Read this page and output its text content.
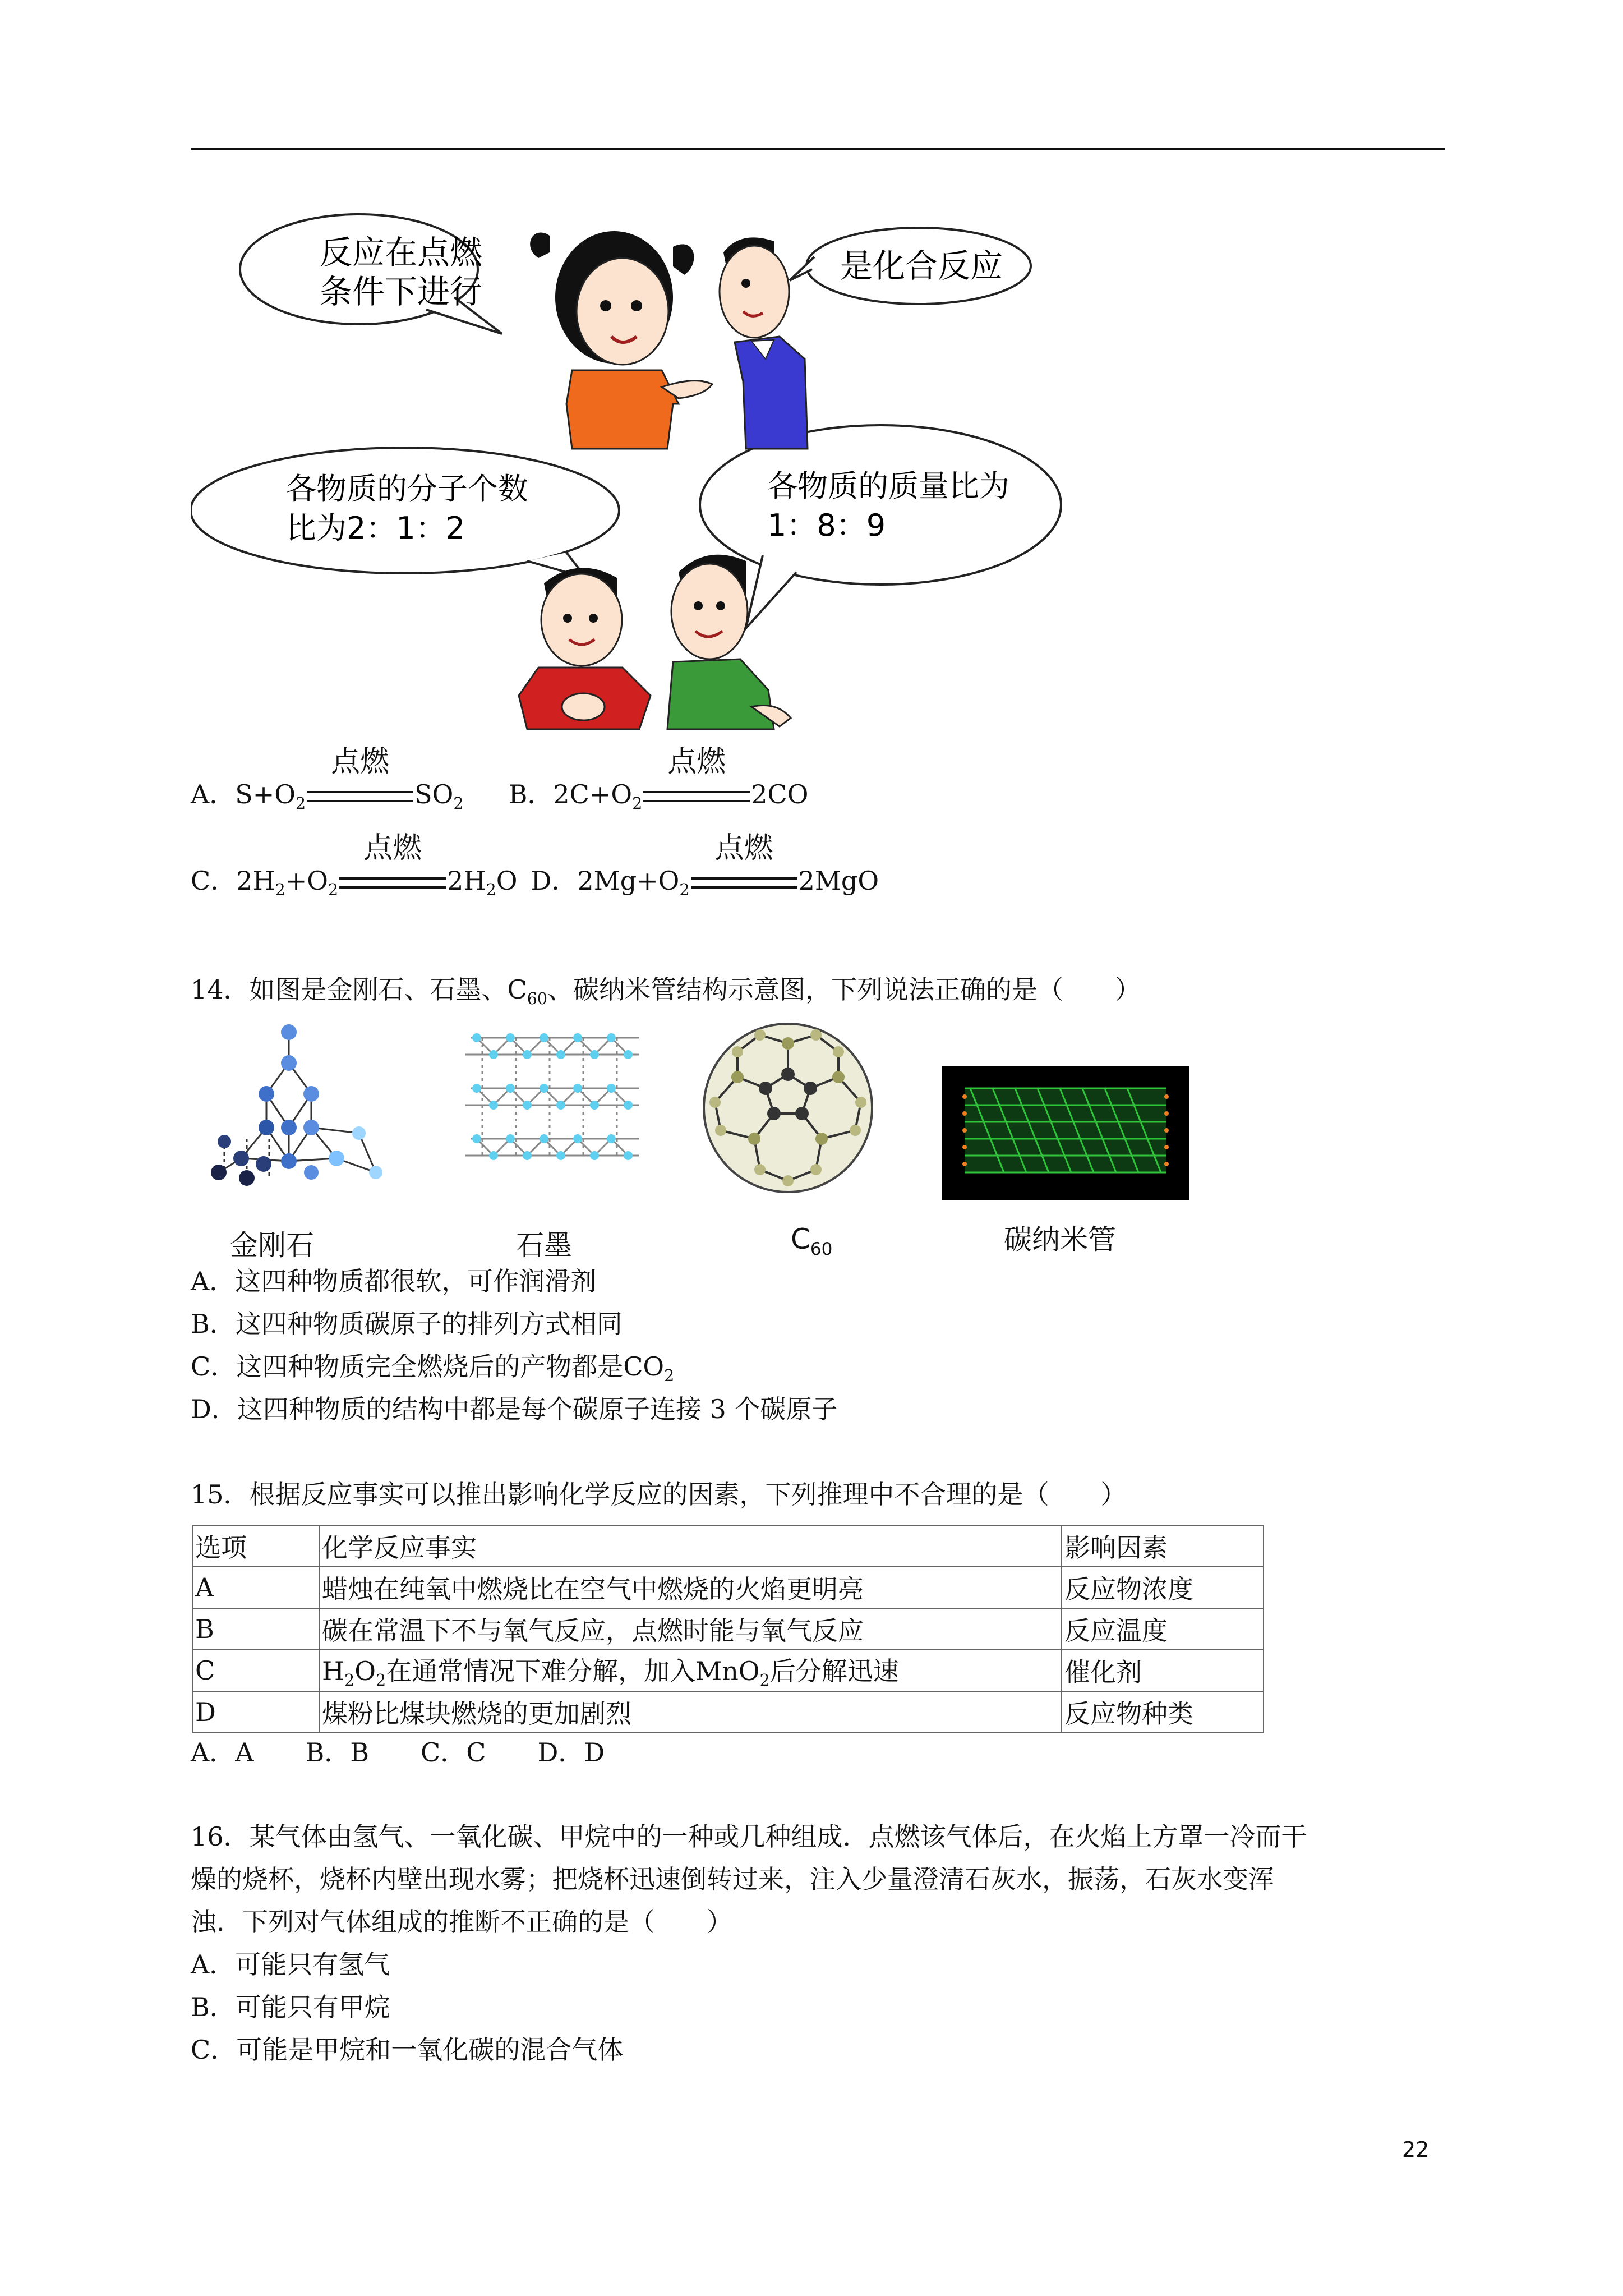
反应在点燃
条件下进行
是化合反应
各物质的分子个数
比为2：1：2
各物质的质量比为
1：8：9
A．$S+O_2$
点燃
$SO_2$ B．$2C+O_2$
点燃
2CO
C．$2H_2+O_2$
点燃
$2H_2O$ D．$2Mg+O_2$
点燃
2MgO
14．如图是金刚石、石墨、$C_{60}$、碳纳米管结构示意图，下列说法正确的是（　　）
金刚石	石墨	$C_{60}$	碳纳米管
A．这四种物质都很软，可作润滑剂
B．这四种物质碳原子的排列方式相同
C．这四种物质完全燃烧后的产物都是$CO_2$
D．这四种物质的结构中都是每个碳原子连接 3 个碳原子
15．根据反应事实可以推出影响化学反应的因素，下列推理中不合理的是（　　）
选项	化学反应事实	影响因素
A	蜡烛在纯氧中燃烧比在空气中燃烧的火焰更明亮	反应物浓度
B	碳在常温下不与氧气反应，点燃时能与氧气反应	反应温度
C	$H_2O_2$在通常情况下难分解，加入MnO$_2$后分解迅速	催化剂
D	煤粉比煤块燃烧的更加剧烈	反应物种类
A．A　　B．B　　C．C　　D．D
16．某气体由氢气、一氧化碳、甲烷中的一种或几种组成．点燃该气体后，在火焰上方罩一冷而干
燥的烧杯，烧杯内壁出现水雾；把烧杯迅速倒转过来，注入少量澄清石灰水，振荡，石灰水变浑
浊．下列对气体组成的推断不正确的是（　　）
A．可能只有氢气
B．可能只有甲烷
C．可能是甲烷和一氧化碳的混合气体
22
